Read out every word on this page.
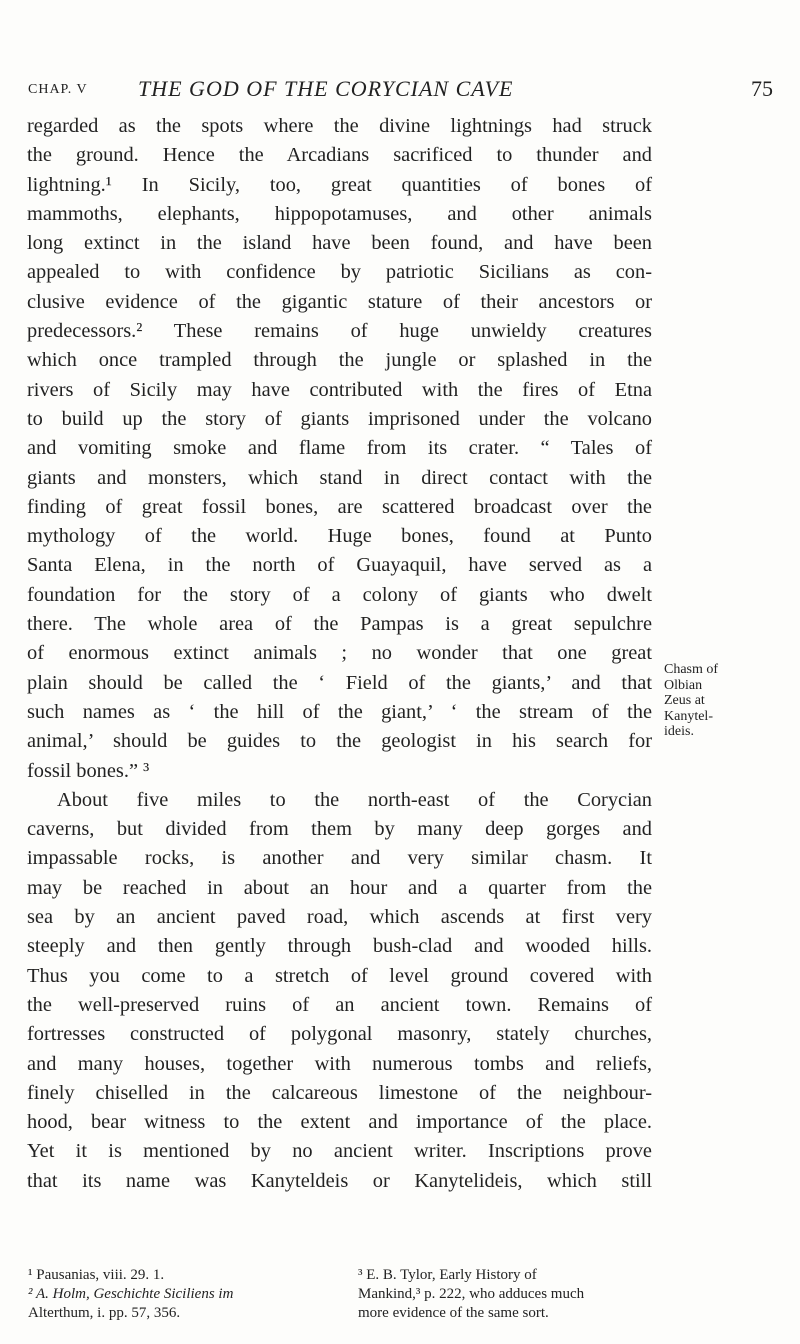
CHAP. V THE GOD OF THE CORYCIAN CAVE	75
regarded as the spots where the divine lightnings had struck
the ground. Hence the Arcadians sacrificed to thunder and
lightning.¹ In Sicily, too, great quantities of bones of
mammoths, elephants, hippopotamuses, and other animals
long extinct in the island have been found, and have been
appealed to with confidence by patriotic Sicilians as con-
clusive evidence of the gigantic stature of their ancestors or
predecessors.² These remains of huge unwieldy creatures
which once trampled through the jungle or splashed in the
rivers of Sicily may have contributed with the fires of Etna
to build up the story of giants imprisoned under the volcano
and vomiting smoke and flame from its crater. “ Tales of
giants and monsters, which stand in direct contact with the
finding of great fossil bones, are scattered broadcast over the
mythology of the world. Huge bones, found at Punto
Santa Elena, in the north of Guayaquil, have served as a
foundation for the story of a colony of giants who dwelt
there. The whole area of the Pampas is a great sepulchre
of enormous extinct animals ; no wonder that one great
plain should be called the ‘ Field of the giants,’ and that
such names as ‘ the hill of the giant,’ ‘ the stream of the
animal,’ should be guides to the geologist in his search for
fossil bones.” ³
About five miles to the north-east of the Corycian
caverns, but divided from them by many deep gorges and
impassable rocks, is another and very similar chasm. It
may be reached in about an hour and a quarter from the
sea by an ancient paved road, which ascends at first very
steeply and then gently through bush-clad and wooded hills.
Thus you come to a stretch of level ground covered with
the well-preserved ruins of an ancient town. Remains of
fortresses constructed of polygonal masonry, stately churches,
and many houses, together with numerous tombs and reliefs,
finely chiselled in the calcareous limestone of the neighbour-
hood, bear witness to the extent and importance of the place.
Yet it is mentioned by no ancient writer. Inscriptions prove
that its name was Kanyteldeis or Kanytelideis, which still
Chasm of
Olbian
Zeus at
Kanytel-
ideis.
¹ Pausanias, viii. 29. 1.
² A. Holm, Geschichte Siciliens im
Alterthum, i. pp. 57, 356.
³ E. B. Tylor, Early History of
Mankind,³ p. 222, who adduces much
more evidence of the same sort.
